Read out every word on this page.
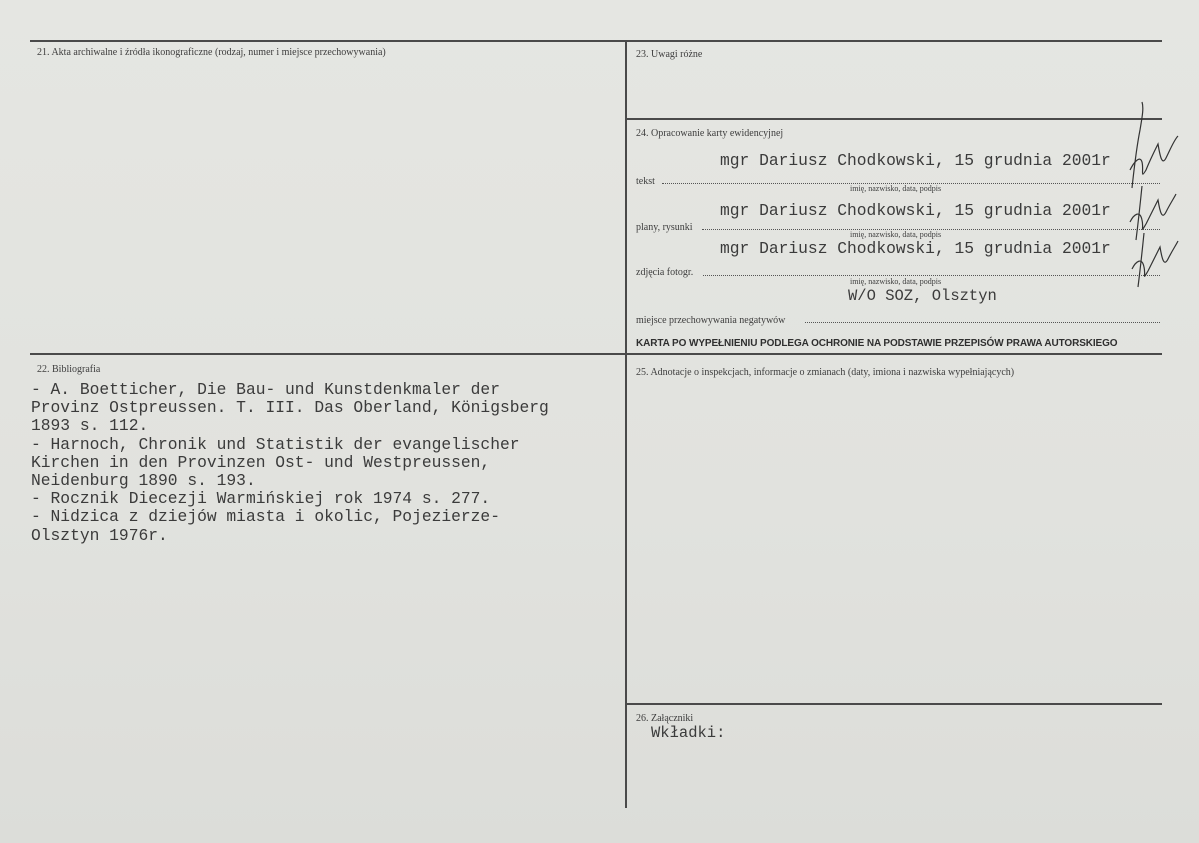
21. Akta archiwalne i źródła ikonograficzne (rodzaj, numer i miejsce przechowywania)	23. Uwagi różne
24. Opracowanie karty ewidencyjnej
mgr Dariusz Chodkowski, 15 grudnia 2001r
tekst
imię, nazwisko, data, podpis
mgr Dariusz Chodkowski, 15 grudnia 2001r
plany, rysunki
imię, nazwisko, data, podpis
mgr Dariusz Chodkowski, 15 grudnia 2001r
zdjęcia fotogr.
imię, nazwisko, data, podpis
W/O SOZ, Olsztyn
miejsce przechowywania negatywów
KARTA PO WYPEŁNIENIU PODLEGA OCHRONIE NA PODSTAWIE PRZEPISÓW PRAWA AUTORSKIEGO
22. Bibliografia
- A. Boetticher, Die Bau- und Kunstdenkmaler der
Provinz Ostpreussen. T. III. Das Oberland, Königsberg
1893 s. 112.
- Harnoch, Chronik und Statistik der evangelischer
Kirchen in den Provinzen Ost- und Westpreussen,
Neidenburg 1890 s. 193.
- Rocznik Diecezji Warmińskiej rok 1974 s. 277.
- Nidzica z dziejów miasta i okolic, Pojezierze-
Olsztyn 1976r.
25. Adnotacje o inspekcjach, informacje o zmianach (daty, imiona i nazwiska wypełniających)
26. Załączniki
Wkładki:
